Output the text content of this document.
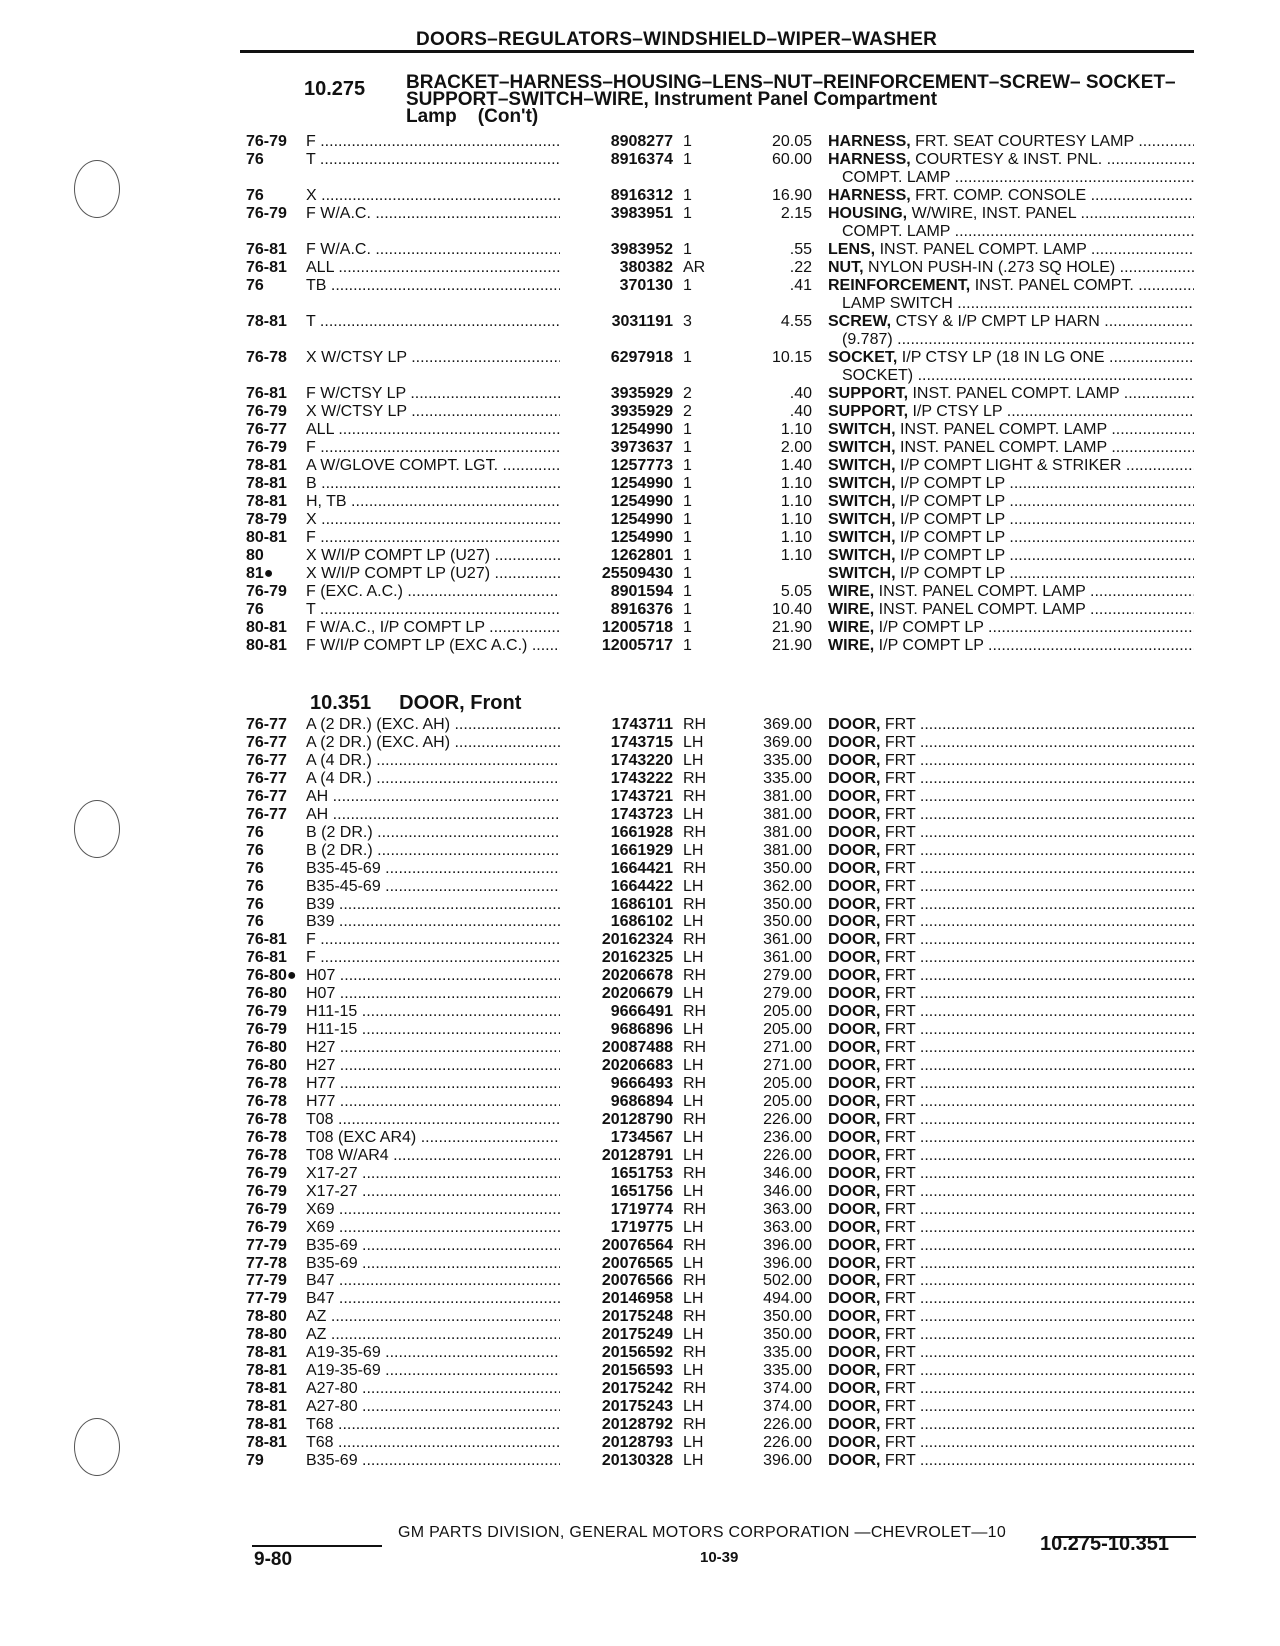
DOORS–REGULATORS–WINDSHIELD–WIPER–WASHER
10.275 BRACKET–HARNESS–HOUSING–LENS–NUT–REINFORCEMENT–SCREW– SOCKET–SUPPORT–SWITCH–WIRE, Instrument Panel Compartment
Lamp    (Con't)
76-79 F .....	8908277 1	20.05 HARNESS, FRT. SEAT COURTESY LAMP .....
76	T .....	8916374 1	60.00 HARNESS, COURTESY & INST. PNL. .....
COMPT. LAMP .....
76	X .....	8916312 1	16.90 HARNESS, FRT. COMP. CONSOLE .....
76-79 F W/A.C. .....	3983951 1	2.15 HOUSING, W/WIRE, INST. PANEL .....
COMPT. LAMP .....
76-81 F W/A.C. .....	3983952 1	.55 LENS, INST. PANEL COMPT. LAMP .....
76-81 ALL .....	380382 AR	.22 NUT, NYLON PUSH-IN (.273 SQ HOLE) .....
76	TB .....	370130 1	.41 REINFORCEMENT, INST. PANEL COMPT. .....
LAMP SWITCH .....
78-81 T .....	3031191 3	4.55 SCREW, CTSY & I/P CMPT LP HARN .....
(9.787) .....
76-78 X W/CTSY LP .....	6297918 1	10.15 SOCKET, I/P CTSY LP (18 IN LG ONE .....
SOCKET) .....
76-81 F W/CTSY LP .....	3935929 2	.40 SUPPORT, INST. PANEL COMPT. LAMP .....
76-79 X W/CTSY LP .....	3935929 2	.40 SUPPORT, I/P CTSY LP .....
76-77 ALL .....	1254990 1	1.10 SWITCH, INST. PANEL COMPT. LAMP .....
76-79 F .....	3973637 1	2.00 SWITCH, INST. PANEL COMPT. LAMP .....
78-81 A W/GLOVE COMPT. LGT. .....	1257773 1	1.40 SWITCH, I/P COMPT LIGHT & STRIKER .....
78-81 B .....	1254990 1	1.10 SWITCH, I/P COMPT LP .....
78-81 H, TB .....	1254990 1	1.10 SWITCH, I/P COMPT LP .....
78-79 X .....	1254990 1	1.10 SWITCH, I/P COMPT LP .....
80-81 F .....	1254990 1	1.10 SWITCH, I/P COMPT LP .....
80	X W/I/P COMPT LP (U27) .....	1262801 1	1.10 SWITCH, I/P COMPT LP .....
81● X W/I/P COMPT LP (U27) .....	25509430 1	SWITCH, I/P COMPT LP .....
76-79 F (EXC. A.C.) .....	8901594 1	5.05 WIRE, INST. PANEL COMPT. LAMP .....
76	T .....	8916376 1	10.40 WIRE, INST. PANEL COMPT. LAMP .....
80-81 F W/A.C., I/P COMPT LP .....	12005718 1	21.90 WIRE, I/P COMPT LP .....
80-81 F W/I/P COMPT LP (EXC A.C.) .....	12005717 1	21.90 WIRE, I/P COMPT LP .....
10.351 DOOR, Front
76-77 A (2 DR.) (EXC. AH) .....	1743711 RH	369.00 DOOR, FRT .....
76-77 A (2 DR.) (EXC. AH) .....	1743715 LH	369.00 DOOR, FRT .....
76-77 A (4 DR.) .....	1743220 LH	335.00 DOOR, FRT .....
76-77 A (4 DR.) .....	1743222 RH	335.00 DOOR, FRT .....
76-77 AH .....	1743721 RH	381.00 DOOR, FRT .....
76-77 AH .....	1743723 LH	381.00 DOOR, FRT .....
76	B (2 DR.) .....	1661928 RH	381.00 DOOR, FRT .....
76	B (2 DR.) .....	1661929 LH	381.00 DOOR, FRT .....
76	B35-45-69 .....	1664421 RH	350.00 DOOR, FRT .....
76	B35-45-69 .....	1664422 LH	362.00 DOOR, FRT .....
76	B39 .....	1686101 RH	350.00 DOOR, FRT .....
76	B39 .....	1686102 LH	350.00 DOOR, FRT .....
76-81 F .....	20162324 RH	361.00 DOOR, FRT .....
76-81 F .....	20162325 LH	361.00 DOOR, FRT .....
76-80● H07 .....	20206678 RH	279.00 DOOR, FRT .....
76-80 H07 .....	20206679 LH	279.00 DOOR, FRT .....
76-79 H11-15 .....	9666491 RH	205.00 DOOR, FRT .....
76-79 H11-15 .....	9686896 LH	205.00 DOOR, FRT .....
76-80 H27 .....	20087488 RH	271.00 DOOR, FRT .....
76-80 H27 .....	20206683 LH	271.00 DOOR, FRT .....
76-78 H77 .....	9666493 RH	205.00 DOOR, FRT .....
76-78 H77 .....	9686894 LH	205.00 DOOR, FRT .....
76-78 T08 .....	20128790 RH	226.00 DOOR, FRT .....
76-78 T08 (EXC AR4) .....	1734567 LH	236.00 DOOR, FRT .....
76-78 T08 W/AR4 .....	20128791 LH	226.00 DOOR, FRT .....
76-79 X17-27 .....	1651753 RH	346.00 DOOR, FRT .....
76-79 X17-27 .....	1651756 LH	346.00 DOOR, FRT .....
76-79 X69 .....	1719774 RH	363.00 DOOR, FRT .....
76-79 X69 .....	1719775 LH	363.00 DOOR, FRT .....
77-79 B35-69 .....	20076564 RH	396.00 DOOR, FRT .....
77-78 B35-69 .....	20076565 LH	396.00 DOOR, FRT .....
77-79 B47 .....	20076566 RH	502.00 DOOR, FRT .....
77-79 B47 .....	20146958 LH	494.00 DOOR, FRT .....
78-80 AZ .....	20175248 RH	350.00 DOOR, FRT .....
78-80 AZ .....	20175249 LH	350.00 DOOR, FRT .....
78-81 A19-35-69 .....	20156592 RH	335.00 DOOR, FRT .....
78-81 A19-35-69 .....	20156593 LH	335.00 DOOR, FRT .....
78-81 A27-80 .....	20175242 RH	374.00 DOOR, FRT .....
78-81 A27-80 .....	20175243 LH	374.00 DOOR, FRT .....
78-81 T68 .....	20128792 RH	226.00 DOOR, FRT .....
78-81 T68 .....	20128793 LH	226.00 DOOR, FRT .....
79	B35-69 .....	20130328 LH	396.00 DOOR, FRT .....
GM PARTS DIVISION, GENERAL MOTORS CORPORATION —CHEVROLET—10
9-80	10-39
10.275-10.351
